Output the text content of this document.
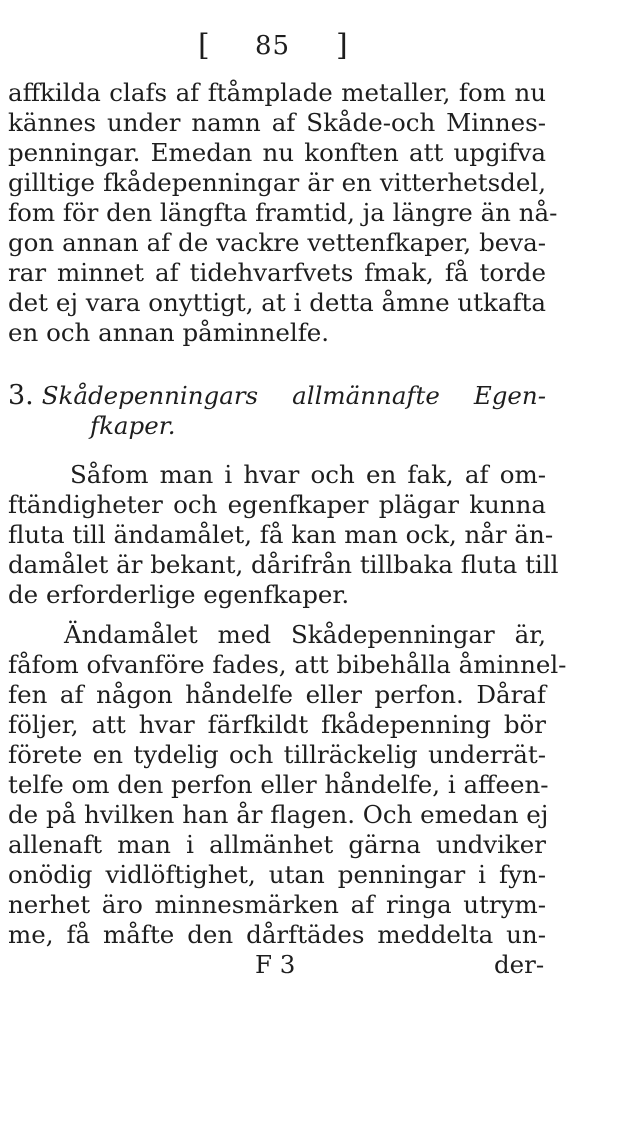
[ 85 ]
affkilda clafs af ftåmplade metaller, fom nu
kännes under namn af Skåde-och Minnes-
penningar. Emedan nu konften att upgifva
gilltige fkådepenningar är en vitterhetsdel,
fom för den längfta framtid, ja längre än nå-
gon annan af de vackre vettenfkaper, beva-
rar minnet af tidehvarfvets fmak, få torde
det ej vara onyttigt, at i detta åmne utkafta
en och annan påminnelfe.
3. Skådepenningars allmännafte Egen-
fkaper.
Såfom man i hvar och en fak, af om-
ftändigheter och egenfkaper plägar kunna
fluta till ändamålet, få kan man ock, når än-
damålet är bekant, dårifrån tillbaka fluta till
de erforderlige egenfkaper.
Ändamålet med Skådepenningar är,
fåfom ofvanföre fades, att bibehålla åminnel-
fen af någon håndelfe eller perfon. Dåraf
följer, att hvar färfkildt fkådepenning bör
förete en tydelig och tillräckelig underrät-
telfe om den perfon eller håndelfe, i affeen-
de på hvilken han år flagen. Och emedan ej
allenaft man i allmänhet gärna undviker
onödig vidlöftighet, utan penningar i fyn-
nerhet äro minnesmärken af ringa utrym-
me, få måfte den dårftädes meddelta un-
F 3	der-
